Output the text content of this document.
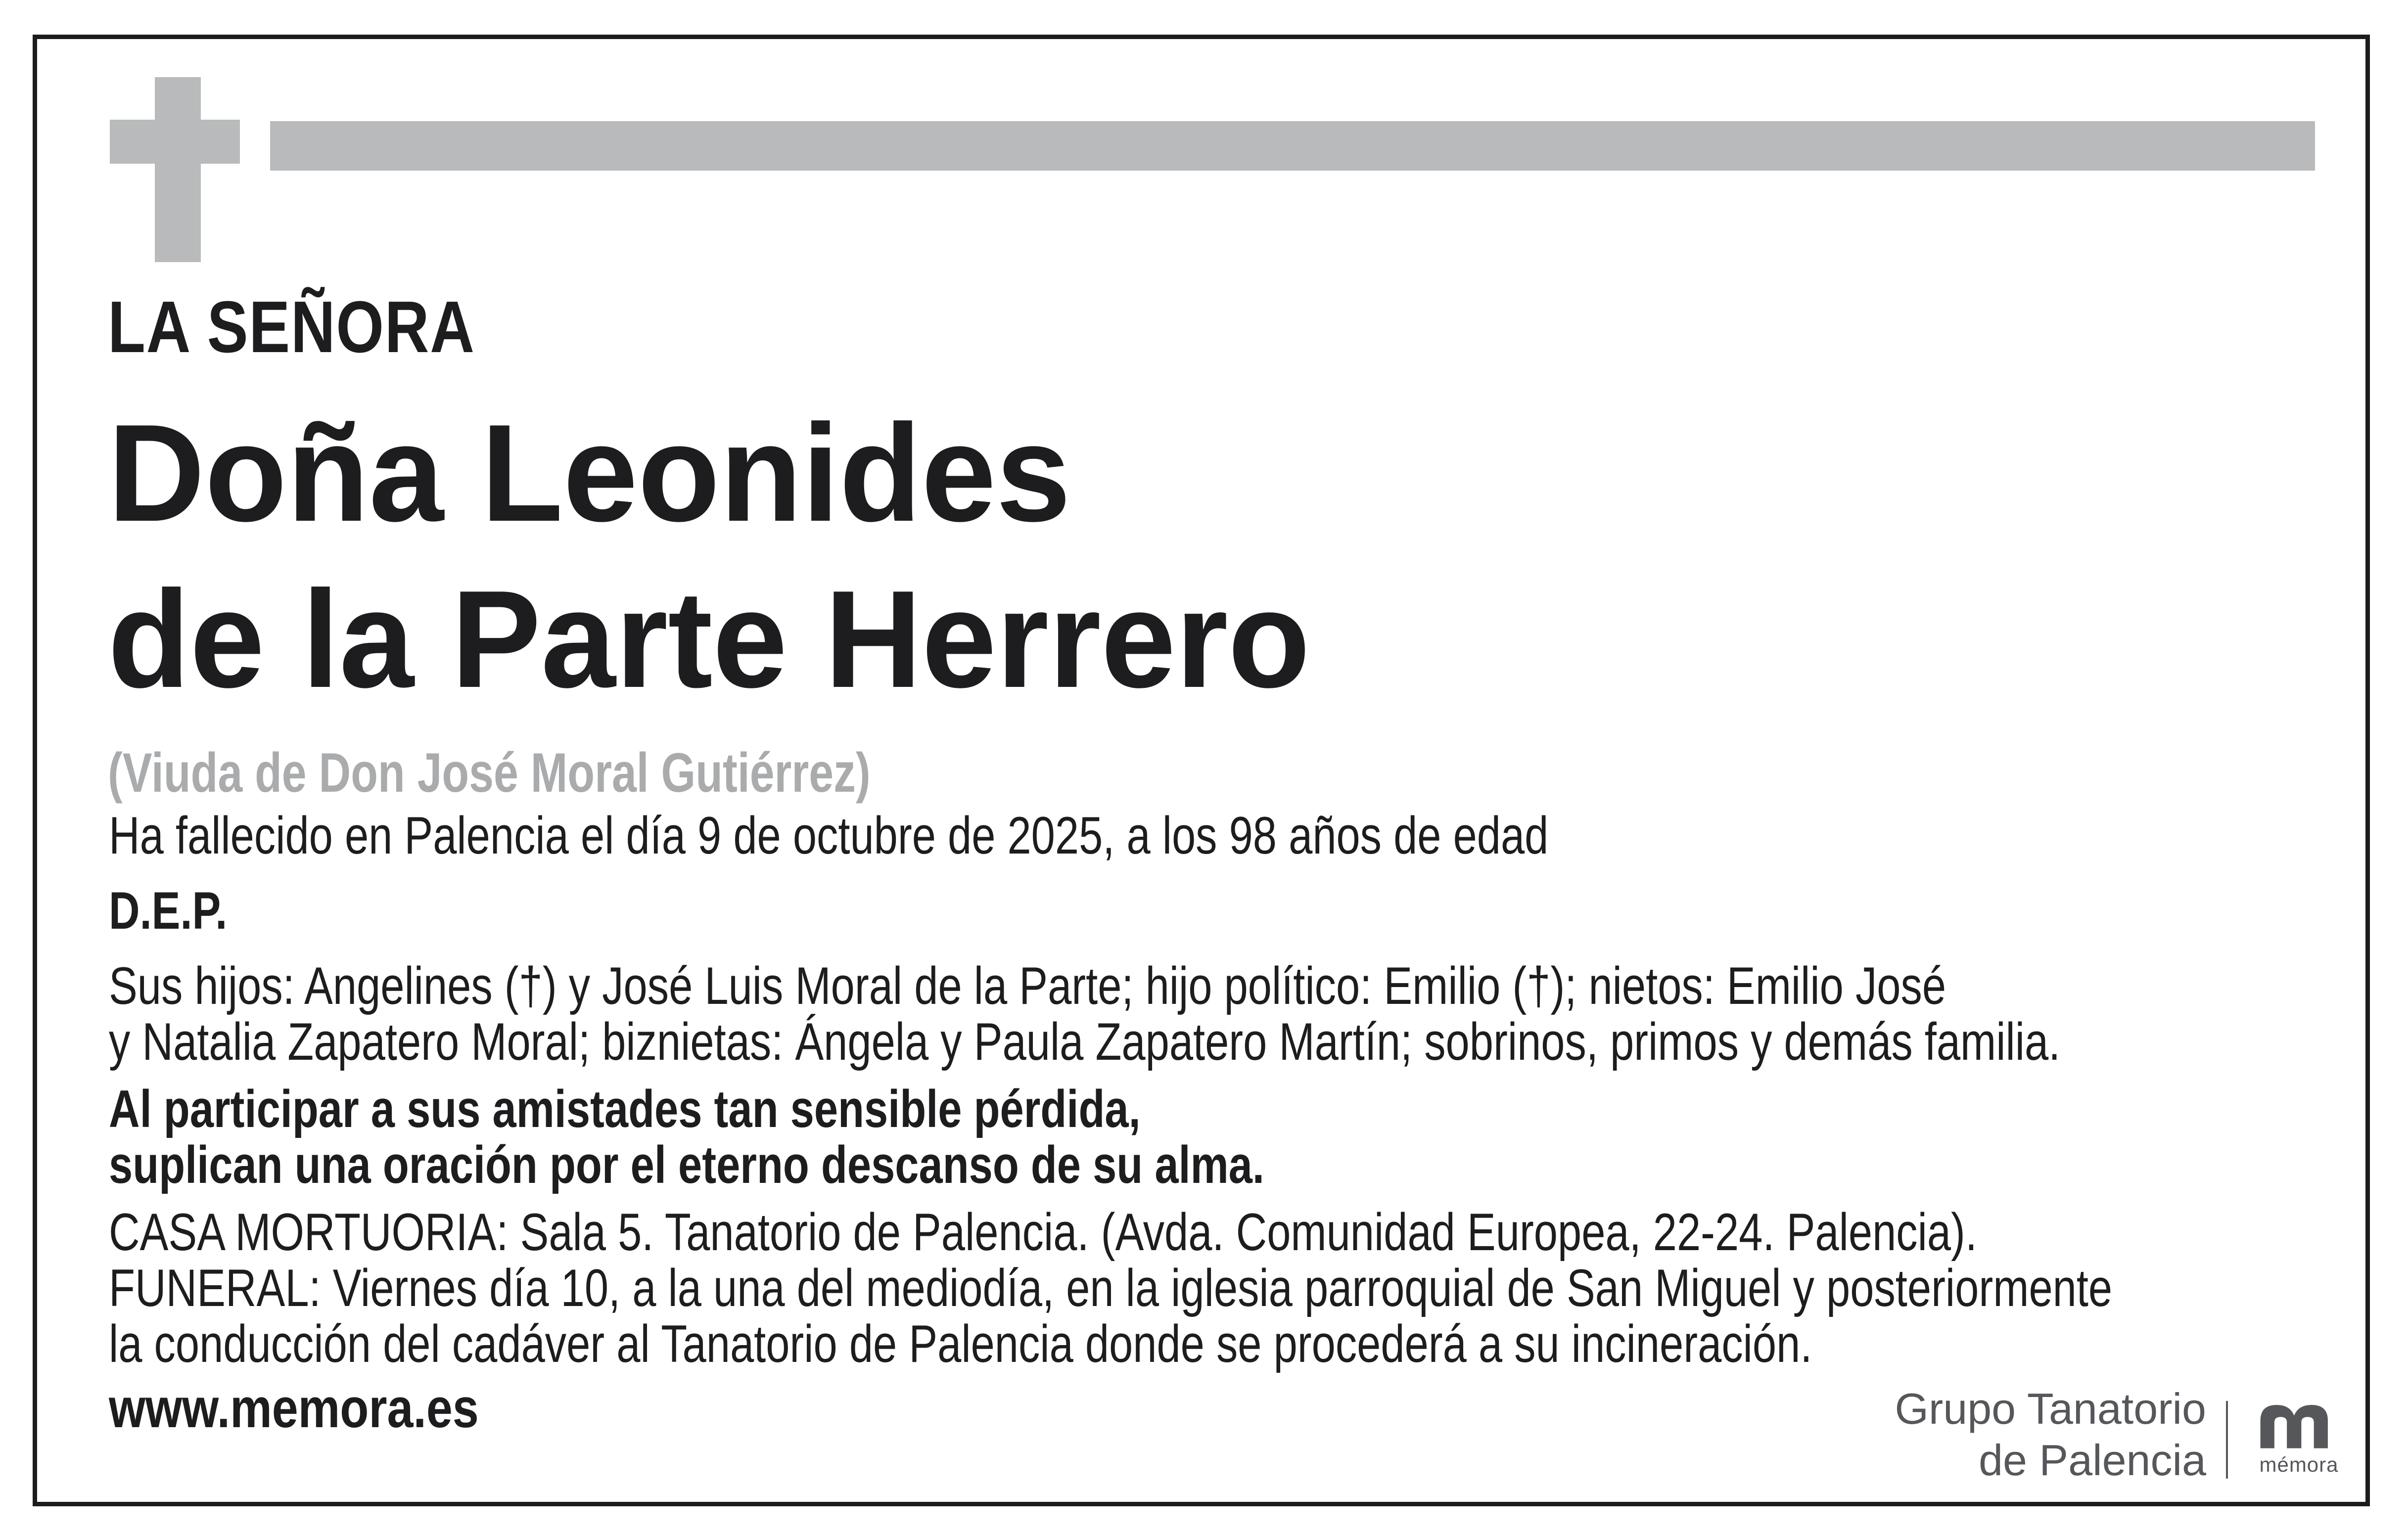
LA SEÑORA
Doña Leonides
de la Parte Herrero
(Viuda de Don José Moral Gutiérrez)
Ha fallecido en Palencia el día 9 de octubre de 2025, a los 98 años de edad
D.E.P.
Sus hijos: Angelines (†) y José Luis Moral de la Parte; hijo político: Emilio (†); nietos: Emilio José
y Natalia Zapatero Moral; biznietas: Ángela y Paula Zapatero Martín; sobrinos, primos y demás familia.
Al participar a sus amistades tan sensible pérdida,
suplican una oración por el eterno descanso de su alma.
CASA MORTUORIA: Sala 5. Tanatorio de Palencia. (Avda. Comunidad Europea, 22-24. Palencia).
FUNERAL: Viernes día 10, a la una del mediodía, en la iglesia parroquial de San Miguel y posteriormente
la conducción del cadáver al Tanatorio de Palencia donde se procederá a su incineración.
www.memora.es	Grupo Tanatorio
de Palencia	mémora
